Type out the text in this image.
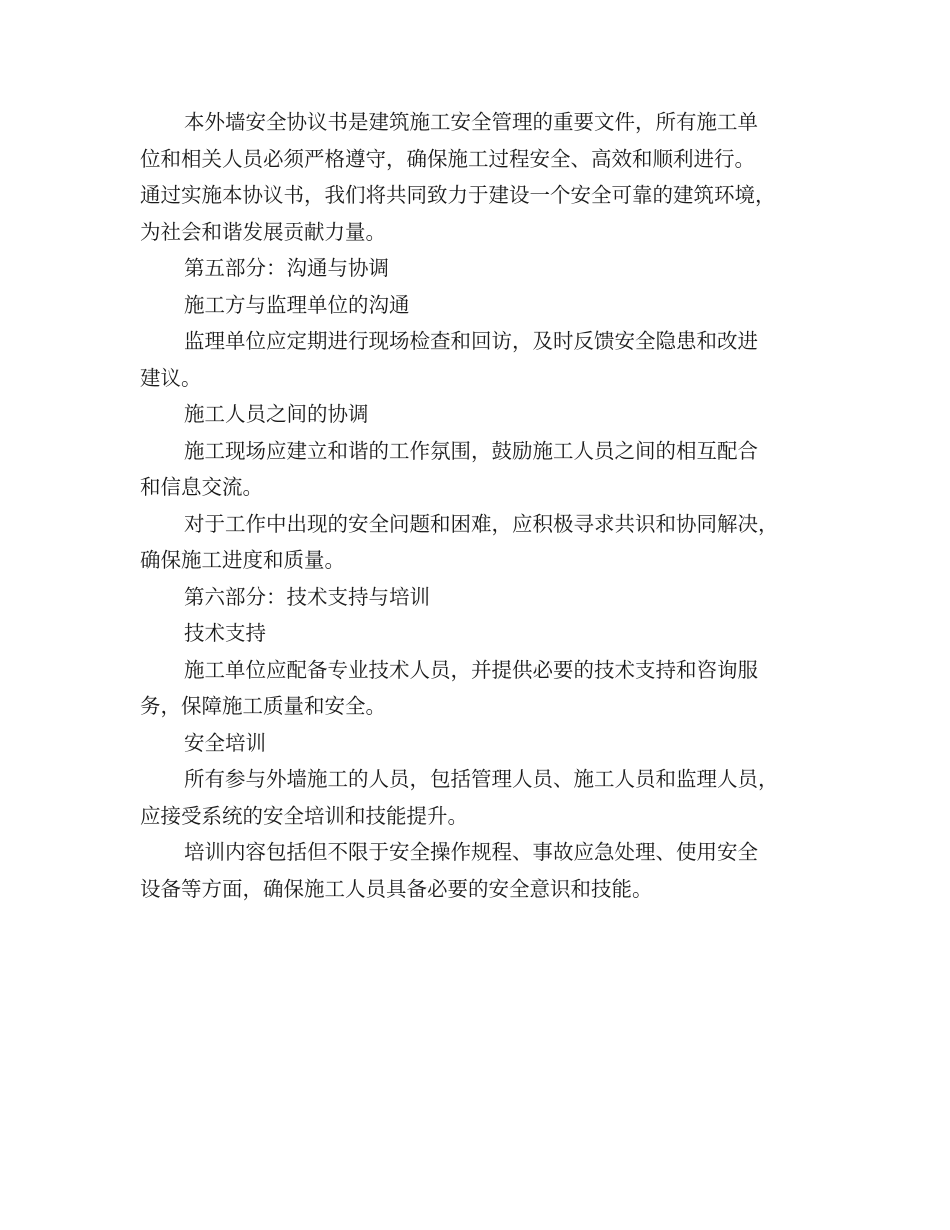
本外墙安全协议书是建筑施工安全管理的重要文件，所有施工单
位和相关人员必须严格遵守，确保施工过程安全、高效和顺利进行。
通过实施本协议书，我们将共同致力于建设一个安全可靠的建筑环境，
为社会和谐发展贡献力量。
第五部分：沟通与协调
施工方与监理单位的沟通
监理单位应定期进行现场检查和回访，及时反馈安全隐患和改进
建议。
施工人员之间的协调
施工现场应建立和谐的工作氛围，鼓励施工人员之间的相互配合
和信息交流。
对于工作中出现的安全问题和困难，应积极寻求共识和协同解决，
确保施工进度和质量。
第六部分：技术支持与培训
技术支持
施工单位应配备专业技术人员，并提供必要的技术支持和咨询服
务，保障施工质量和安全。
安全培训
所有参与外墙施工的人员，包括管理人员、施工人员和监理人员，
应接受系统的安全培训和技能提升。
培训内容包括但不限于安全操作规程、事故应急处理、使用安全
设备等方面，确保施工人员具备必要的安全意识和技能。
